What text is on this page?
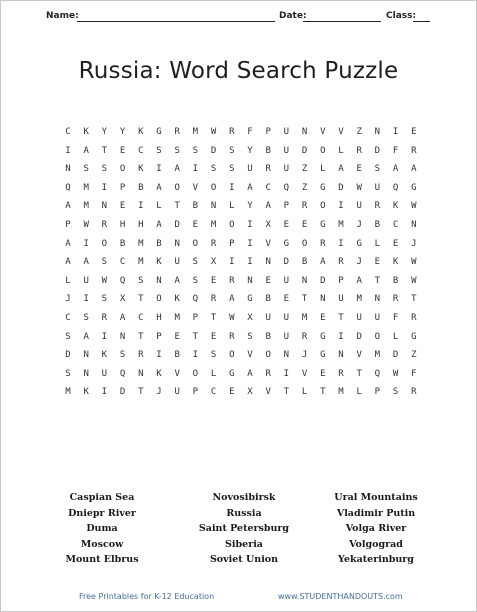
Name:	Date:	Class:
Russia: Word Search Puzzle
C	K	Y	Y	K	G	R	M	W	R	F	P	U	N	V	V	Z	N	I	E
I	A	T	E	C	S	S	S	D	S	Y	B	U	D	O	L	R	D	F	R
N	S	S	O	K	I	A	I	S	S	U	R	U	Z	L	A	E	S	A	A
Q	M	I	P	B	A	O	V	O	I	A	C	Q	Z	G	D	W	U	Q	G
A	M	N	E	I	L	T	B	N	L	Y	A	P	R	O	I	U	R	K	W
P	W	R	H	H	A	D	E	M	O	I	X	E	E	G	M	J	B	C	N
A	I	O	B	M	B	N	O	R	P	I	V	G	O	R	I	G	L	E	J
A	A	S	C	M	K	U	S	X	I	I	N	D	B	A	R	J	E	K	W
L	U	W	Q	S	N	A	S	E	R	N	E	U	N	D	P	A	T	B	W
J	I	S	X	T	O	K	Q	R	A	G	B	E	T	N	U	M	N	R	T
C	S	R	A	C	H	M	P	T	W	X	U	U	M	E	T	U	U	F	R
S	A	I	N	T	P	E	T	E	R	S	B	U	R	G	I	D	O	L	G
D	N	K	S	R	I	B	I	S	O	V	O	N	J	G	N	V	M	D	Z
S	N	U	Q	N	K	V	O	L	G	A	R	I	V	E	R	T	Q	W	F
M	K	I	D	T	J	U	P	C	E	X	V	T	L	T	M	L	P	S	R
Caspian Sea
Dniepr River
Duma
Moscow
Mount Elbrus
Novosibirsk
Russia
Saint Petersburg
Siberia
Soviet Union
Ural Mountains
Vladimir Putin
Volga River
Volgograd
Yekaterinburg
Free Printables for K-12 Education	www.STUDENTHANDOUTS.com
